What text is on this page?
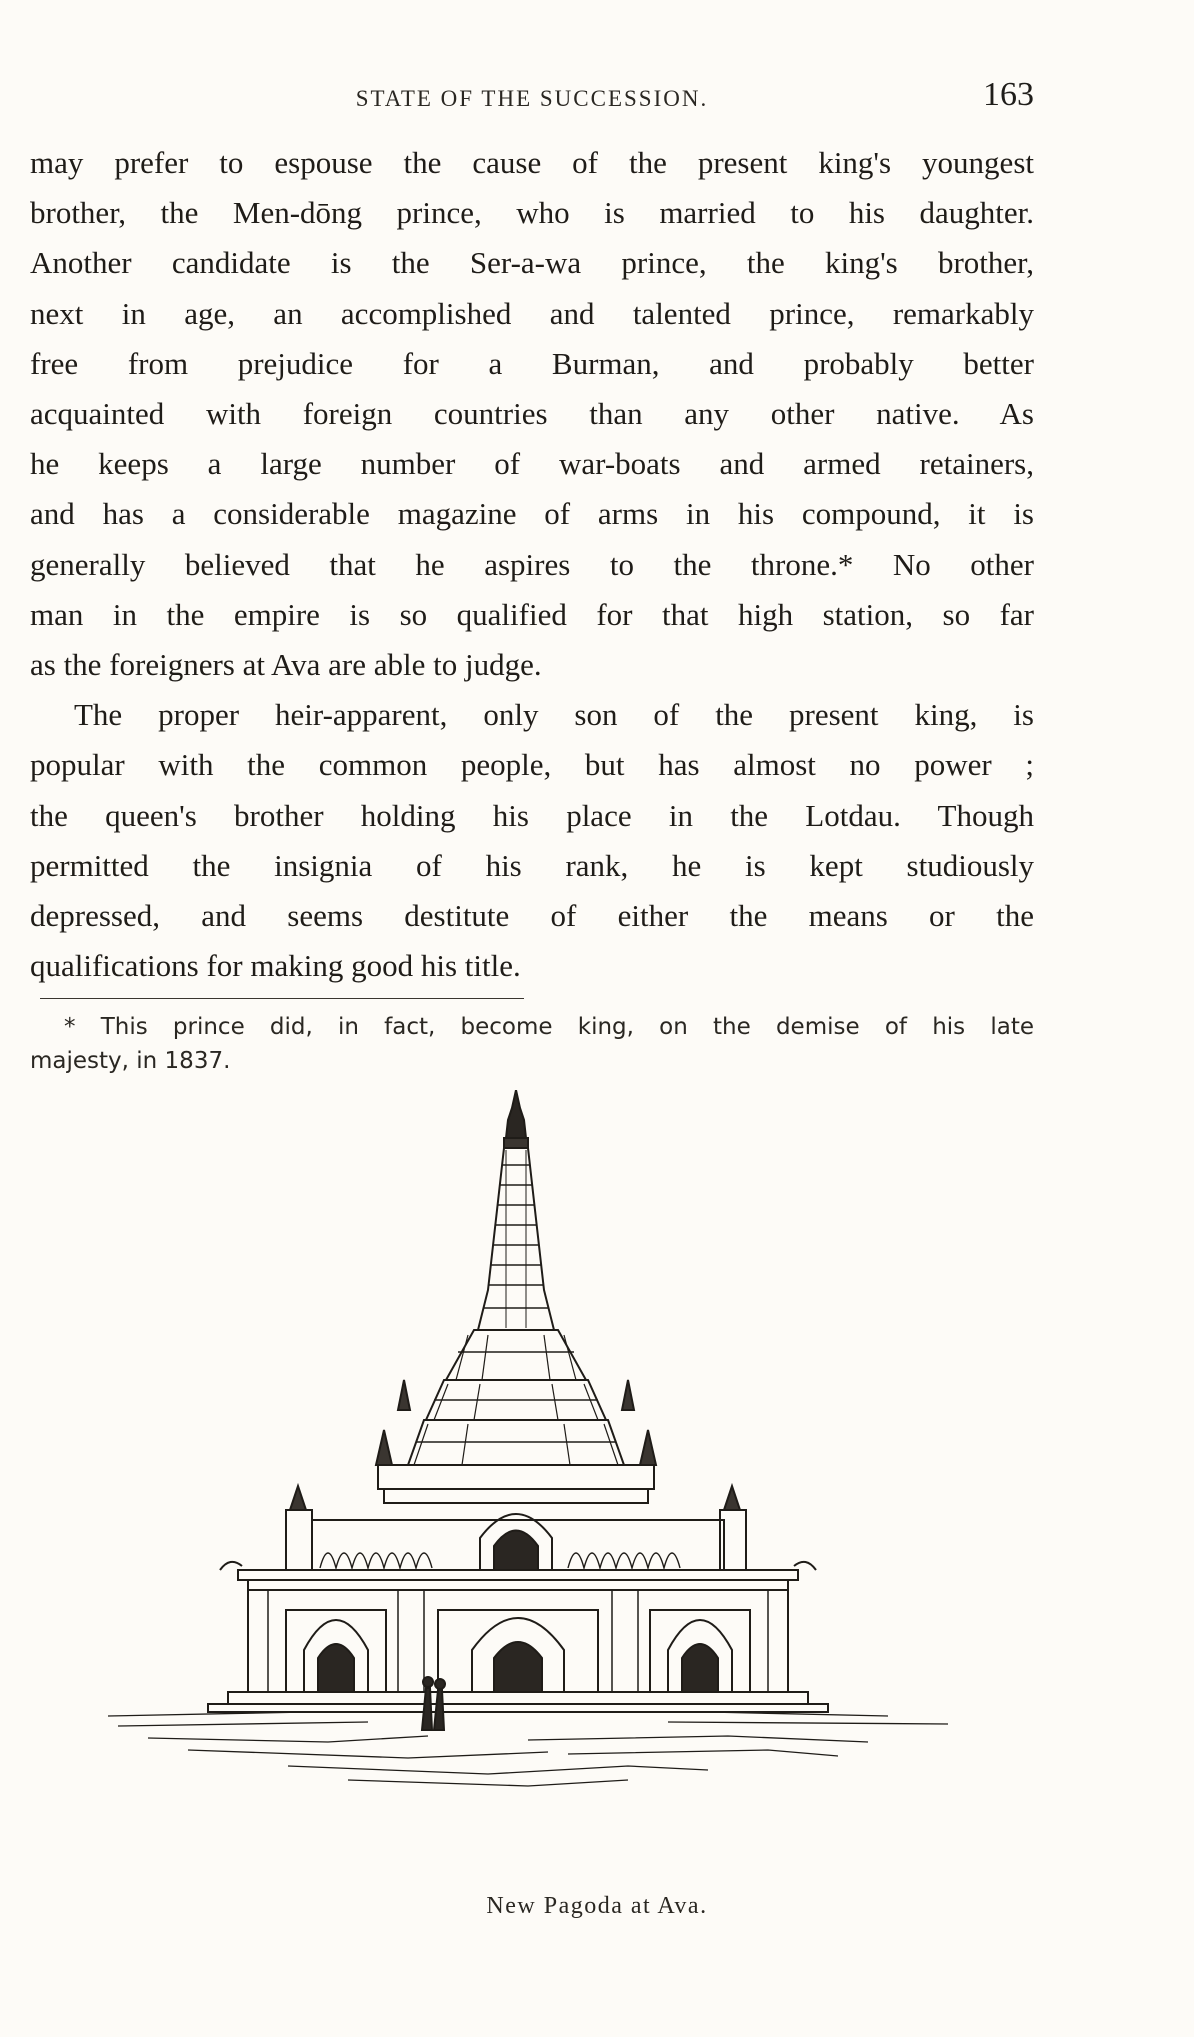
STATE OF THE SUCCESSION.	163

may prefer to espouse the cause of the present king's youngest
brother, the Men-dōng prince, who is married to his daughter.
Another candidate is the Ser-a-wa prince, the king's brother,
next in age, an accomplished and talented prince, remarkably
free from prejudice for a Burman, and probably better
acquainted with foreign countries than any other native. As
he keeps a large number of war-boats and armed retainers,
and has a considerable magazine of arms in his compound, it is
generally believed that he aspires to the throne.* No other
man in the empire is so qualified for that high station, so far
as the foreigners at Ava are able to judge.

The proper heir-apparent, only son of the present king, is
popular with the common people, but has almost no power ;
the queen's brother holding his place in the Lotdau. Though
permitted the insignia of his rank, he is kept studiously
depressed, and seems destitute of either the means or the
qualifications for making good his title.

* This prince did, in fact, become king, on the demise of his late
majesty, in 1837.
New Pagoda at Ava.
